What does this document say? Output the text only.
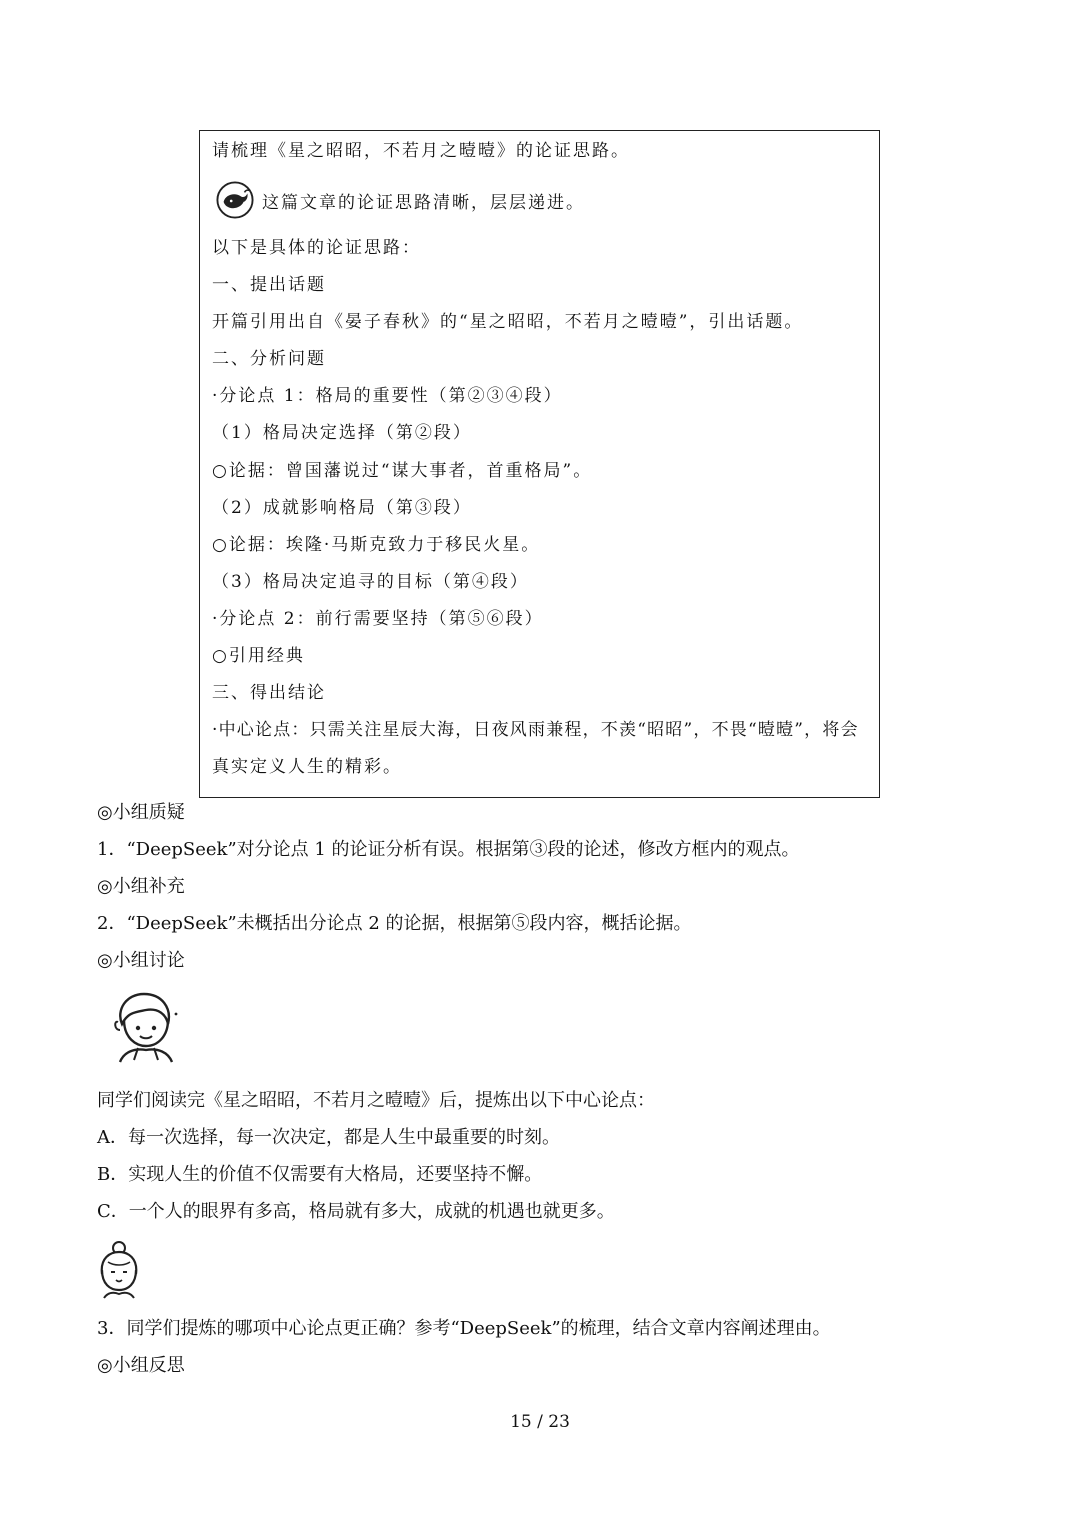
请梳理《星之昭昭，不若月之曀曀》的论证思路。
这篇文章的论证思路清晰，层层递进。
以下是具体的论证思路：
一、提出话题
开篇引用出自《晏子春秋》的“星之昭昭，不若月之曀曀”，引出话题。
二、分析问题
·分论点 1：格局的重要性（第②③④段）
（1）格局决定选择（第②段）
○论据：曾国藩说过“谋大事者，首重格局”。
（2）成就影响格局（第③段）
○论据：埃隆·马斯克致力于移民火星。
（3）格局决定追寻的目标（第④段）
·分论点 2：前行需要坚持（第⑤⑥段）
○引用经典
三、得出结论
·中心论点：只需关注星辰大海，日夜风雨兼程，不羡“昭昭”，不畏“曀曀”，将会
真实定义人生的精彩。
◎小组质疑
1．“DeepSeek”对分论点 1 的论证分析有误。根据第③段的论述，修改方框内的观点。
◎小组补充
2．“DeepSeek”未概括出分论点 2 的论据，根据第⑤段内容，概括论据。
◎小组讨论
同学们阅读完《星之昭昭，不若月之曀曀》后，提炼出以下中心论点：
A．每一次选择，每一次决定，都是人生中最重要的时刻。
B．实现人生的价值不仅需要有大格局，还要坚持不懈。
C．一个人的眼界有多高，格局就有多大，成就的机遇也就更多。
3．同学们提炼的哪项中心论点更正确？参考“DeepSeek”的梳理，结合文章内容阐述理由。
◎小组反思
15 / 23
